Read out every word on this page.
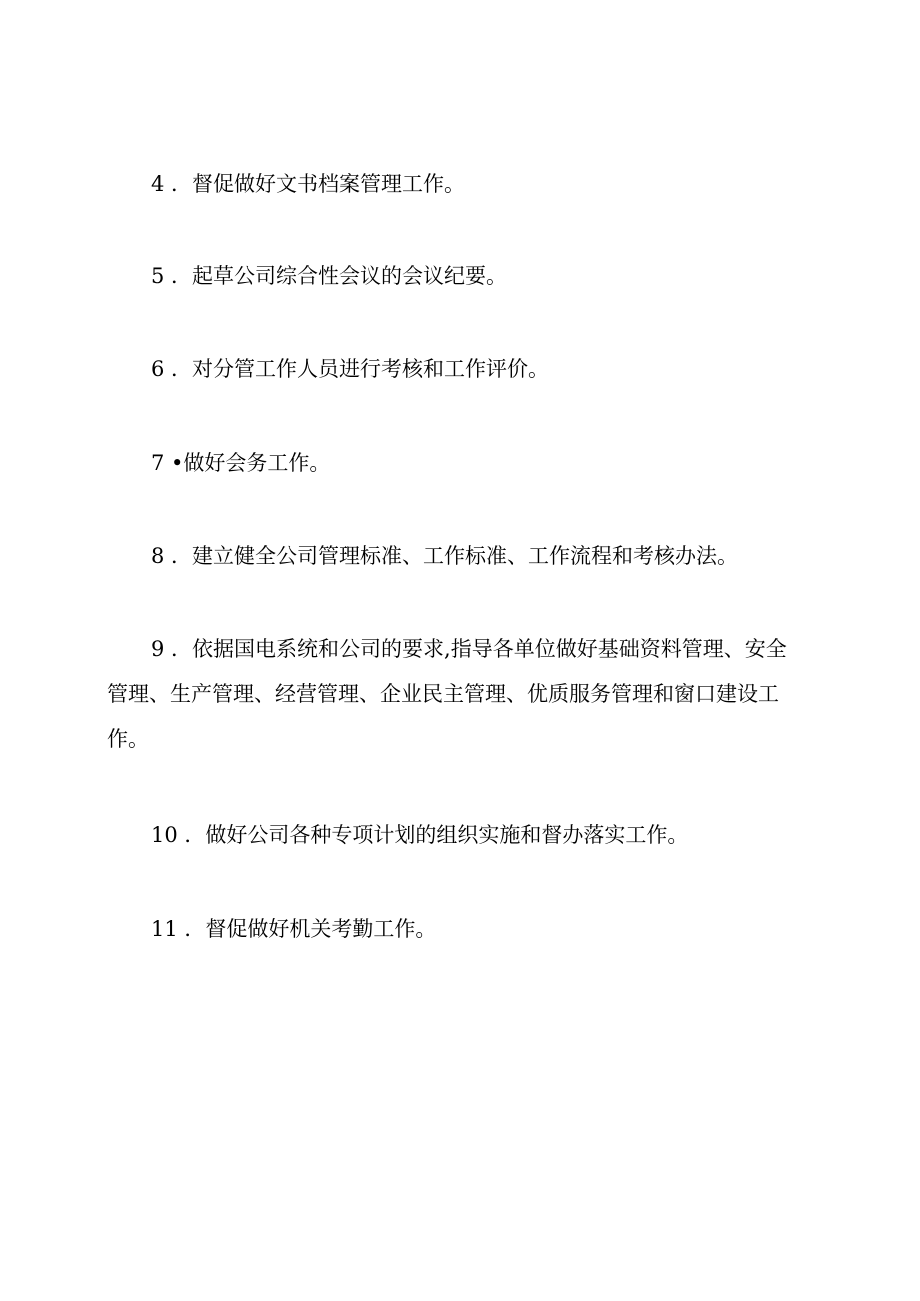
4 ．督促做好文书档案管理工作。

5 ．起草公司综合性会议的会议纪要。

6 ．对分管工作人员进行考核和工作评价。

7 •做好会务工作。

8 ．建立健全公司管理标准、工作标准、工作流程和考核办法。

9 ．依据国电系统和公司的要求,指导各单位做好基础资料管理、安全管理、生产管理、经营管理、企业民主管理、优质服务管理和窗口建设工作。

10 ．做好公司各种专项计划的组织实施和督办落实工作。

11 ．督促做好机关考勤工作。
